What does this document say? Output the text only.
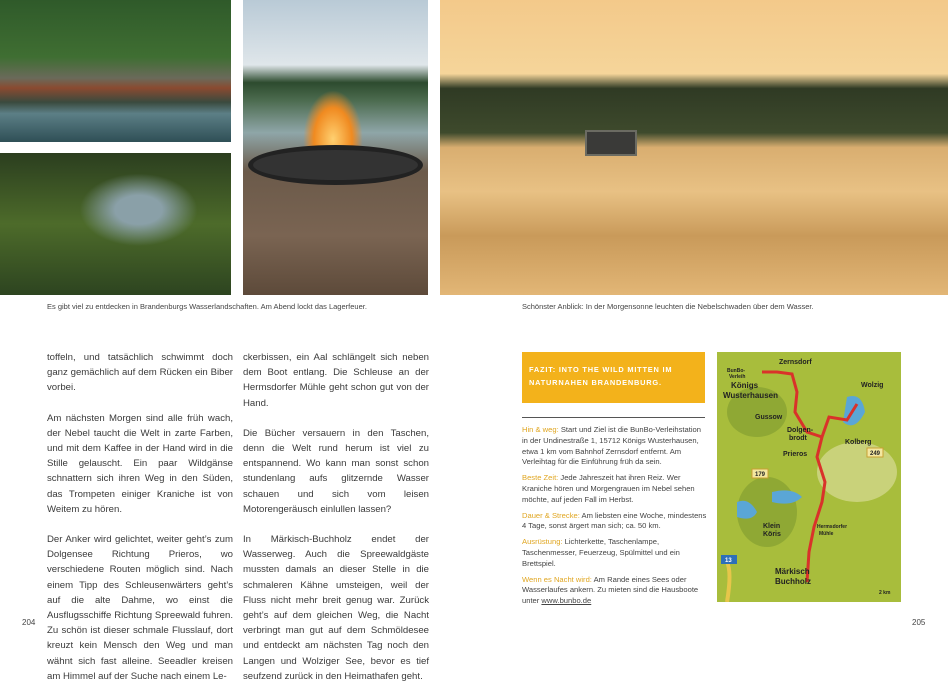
Es gibt viel zu entdecken in Brandenburgs Wasserlandschaften. Am Abend lockt das Lagerfeuer.	Schönster Anblick: In der Morgensonne leuchten die Nebelschwaden über dem Wasser.

toffeln, und tatsächlich schwimmt doch ganz gemächlich auf dem Rücken ein Biber vorbei.

Am nächsten Morgen sind alle früh wach, der Nebel taucht die Welt in zarte Farben, und mit dem Kaffee in der Hand wird in die Stille gelauscht. Ein paar Wildgänse schnattern sich ihren Weg in den Süden, das Trompeten einiger Kraniche ist von Weitem zu hören.

Der Anker wird gelichtet, weiter geht’s zum Dolgensee Richtung Prieros, wo verschiedene Routen möglich sind. Nach einem Tipp des Schleusenwärters geht’s auf die alte Dahme, wo einst die Ausflugsschiffe Richtung Spreewald fuhren. Zu schön ist dieser schmale Flusslauf, dort kreuzt kein Mensch den Weg und man wähnt sich fast alleine. Seeadler kreisen am Himmel auf der Suche nach einem Le-

ckerbissen, ein Aal schlängelt sich neben dem Boot entlang. Die Schleuse an der Hermsdorfer Mühle geht schon gut von der Hand.

Die Bücher versauern in den Taschen, denn die Welt rund herum ist viel zu entspannend. Wo kann man sonst schon stundenlang aufs glitzernde Wasser schauen und sich vom leisen Motorengeräusch einlullen lassen?

In Märkisch-Buchholz endet der Wasserweg. Auch die Spreewaldgäste mussten damals an dieser Stelle in die schmaleren Kähne umsteigen, weil der Fluss nicht mehr breit genug war. Zurück geht’s auf dem gleichen Weg, die Nacht verbringt man gut auf dem Schmöldesee und entdeckt am nächsten Tag noch den Langen und Wolziger See, bevor es tief seufzend zurück in den Heimathafen geht.

FAZIT: INTO THE WILD MITTEN IM NATURNAHEN BRANDENBURG.

Hin & weg: Start und Ziel ist die BunBo-Verleihstation in der Undinestraße 1, 15712 Königs Wusterhausen, etwa 1 km vom Bahnhof Zernsdorf entfernt. Am Verleihtag für die Einführung früh da sein.

Beste Zeit: Jede Jahreszeit hat ihren Reiz. Wer Kraniche hören und Morgengrauen im Nebel sehen möchte, auf jeden Fall im Herbst.

Dauer & Strecke: Am liebsten eine Woche, mindestens 4 Tage, sonst ärgert man sich; ca. 50 km.

Ausrüstung: Lichterkette, Taschenlampe, Taschenmesser, Feuerzeug, Spülmittel und ein Brettspiel.

Wenn es Nacht wird: Am Rande eines Sees oder Wasserlaufes ankern. Zu mieten sind die Hausboote unter www.bunbo.de

Zernsdorf
BunBo-
Verleih
Königs
Wusterhausen
Wolzig
Gussow
Dolgen-
brodt
Kolberg
Prieros	249
179
13
Klein
Köris
Hermsdorfer
Mühle
Märkisch
Buchholz
2 km
204	205
